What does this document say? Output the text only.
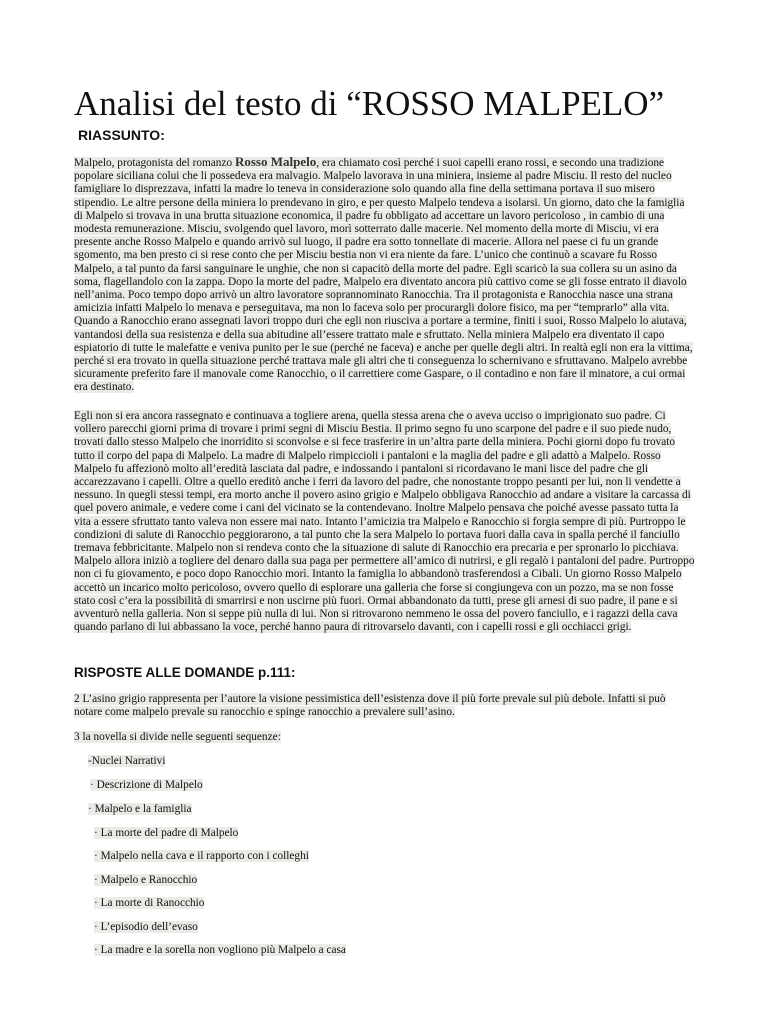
Analisi del testo di “ROSSO MALPELO”
RIASSUNTO:
Malpelo, protagonista del romanzo Rosso Malpelo, era chiamato così perché i suoi capelli erano rossi, e secondo una tradizione popolare siciliana colui che li possedeva era malvagio. Malpelo lavorava in una miniera, insieme al padre Misciu. Il resto del nucleo famigliare lo disprezzava, infatti la madre lo teneva in considerazione solo quando alla fine della settimana portava il suo misero stipendio. Le altre persone della miniera lo prendevano in giro, e per questo Malpelo tendeva a isolarsi. Un giorno, dato che la famiglia di Malpelo si trovava in una brutta situazione economica, il padre fu obbligato ad accettare un lavoro pericoloso , in cambio di una modesta remunerazione. Misciu, svolgendo quel lavoro, morì sotterrato dalle macerie. Nel momento della morte di Misciu, vi era presente anche Rosso Malpelo e quando arrivò sul luogo, il padre era sotto tonnellate di macerie. Allora nel paese ci fu un grande sgomento, ma ben presto ci si rese conto che per Misciu bestia non vi era niente da fare. L’unico che continuò a scavare fu Rosso Malpelo, a tal punto da farsi sanguinare le unghie, che non si capacitò della morte del padre. Egli scaricò la sua collera su un asino da soma, flagellandolo con la zappa. Dopo la morte del padre, Malpelo era diventato ancora più cattivo come se gli fosse entrato il diavolo nell’anima. Poco tempo dopo arrivò un altro lavoratore soprannominato Ranocchia. Tra il protagonista e Ranocchia nasce una strana amicizia infatti Malpelo lo menava e perseguitava, ma non lo faceva solo per procurargli dolore fisico, ma per “temprarlo” alla vita. Quando a Ranocchio erano assegnati lavori troppo duri che egli non riusciva a portare a termine, finiti i suoi, Rosso Malpelo lo aiutava, vantandosi della sua resistenza e della sua abitudine all’essere trattato male e sfruttato. Nella miniera Malpelo era diventato il capo espiatorio di tutte le malefatte e veniva punito per le sue (perché ne faceva) e anche per quelle degli altri. In realtà egli non era la vittima, perché si era trovato in quella situazione perché trattava male gli altri che ti conseguenza lo schernivano e sfruttavano. Malpelo avrebbe sicuramente preferito fare il manovale come Ranocchio, o il carrettiere come Gaspare, o il contadino e non fare il minatore, a cui ormai era destinato.
Egli non si era ancora rassegnato e continuava a togliere arena, quella stessa arena che o aveva ucciso o imprigionato suo padre. Ci vollero parecchi giorni prima di trovare i primi segni di Misciu Bestia. Il primo segno fu uno scarpone del padre e il suo piede nudo, trovati dallo stesso Malpelo che inorridito si sconvolse e si fece trasferire in un’altra parte della miniera. Pochi giorni dopo fu trovato tutto il corpo del papa di Malpelo. La madre di Malpelo rimpiccioli i pantaloni e la maglia del padre e gli adattò a Malpelo. Rosso Malpelo fu affezionò molto all’eredità lasciata dal padre, e indossando i pantaloni si ricordavano le mani lisce del padre che gli accarezzavano i capelli. Oltre a quello ereditò anche i ferri da lavoro del padre, che nonostante troppo pesanti per lui, non li vendette a nessuno. In quegli stessi tempi, era morto anche il povero asino grigio e Malpelo obbligava Ranocchio ad andare a visitare la carcassa di quel povero animale, e vedere come i cani del vicinato se la contendevano. Inoltre Malpelo pensava che poiché avesse passato tutta la vita a essere sfruttato tanto valeva non essere mai nato. Intanto l’amicizia tra Malpelo e Ranocchio si forgia sempre di più. Purtroppo le condizioni di salute di Ranocchio peggiorarono, a tal punto che la sera Malpelo lo portava fuori dalla cava in spalla perché il fanciullo tremava febbricitante. Malpelo non si rendeva conto che la situazione di salute di Ranocchio era precaria e per spronarlo lo picchiava. Malpelo allora iniziò a togliere del denaro dalla sua paga per permettere all’amico di nutrirsi, e gli regalò i pantaloni del padre. Purtroppo non ci fu giovamento, e poco dopo Ranocchio morì. Intanto la famiglia lo abbandonò trasferendosi a Cibali. Un giorno Rosso Malpelo accettò un incarico molto pericoloso, ovvero quello di esplorare una galleria che forse si congiungeva con un pozzo, ma se non fosse stato così c’era la possibilità di smarrirsi e non uscirne più fuori. Ormai abbandonato da tutti, prese gli arnesi di suo padre, il pane e si avventurò nella galleria. Non si seppe più nulla di lui. Non si ritrovarono nemmeno le ossa del povero fanciullo, e i ragazzi della cava quando parlano di lui abbassano la voce, perché hanno paura di ritrovarselo davanti, con i capelli rossi e gli occhiacci grigi.
RISPOSTE ALLE DOMANDE p.111:
2 L’asino grigio rappresenta per l’autore la visione pessimistica dell’esistenza dove il più forte prevale sul più debole. Infatti si può notare come malpelo prevale su ranocchio e spinge ranocchio a prevalere sull’asino.
3 la novella si divide nelle seguenti sequenze:
-Nuclei Narrativi
· Descrizione di Malpelo
· Malpelo e la famiglia
· La morte del padre di Malpelo
· Malpelo nella cava e il rapporto con i colleghi
· Malpelo e Ranocchio
· La morte di Ranocchio
· L’episodio dell’evaso
· La madre e la sorella non vogliono più Malpelo a casa
